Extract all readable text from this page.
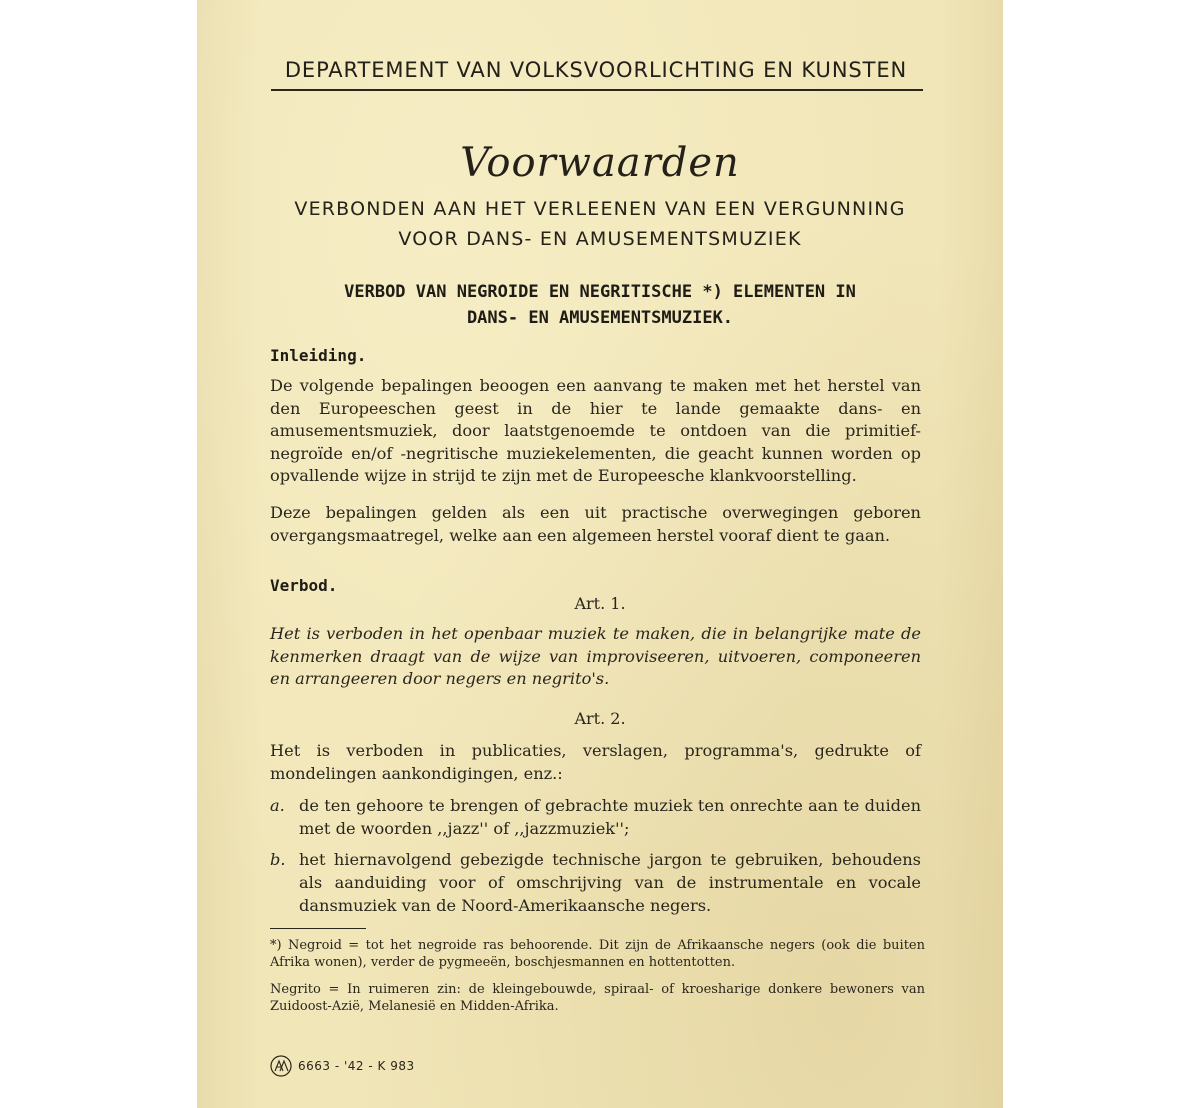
DEPARTEMENT VAN VOLKSVOORLICHTING EN KUNSTEN
Voorwaarden
VERBONDEN AAN HET VERLEENEN VAN EEN VERGUNNING
VOOR DANS- EN AMUSEMENTSMUZIEK
VERBOD VAN NEGROIDE EN NEGRITISCHE *) ELEMENTEN IN
DANS- EN AMUSEMENTSMUZIEK.
Inleiding.
De volgende bepalingen beoogen een aanvang te maken met het herstel van den Europeeschen geest in de hier te lande gemaakte dans- en amusementsmuziek, door laatstgenoemde te ontdoen van die primitief-negroïde en/of -negritische muziekelementen, die geacht kunnen worden op opvallende wijze in strijd te zijn met de Europeesche klankvoorstelling.
Deze bepalingen gelden als een uit practische overwegingen geboren overgangsmaatregel, welke aan een algemeen herstel vooraf dient te gaan.
Verbod.
Art. 1.
Het is verboden in het openbaar muziek te maken, die in belangrijke mate de kenmerken draagt van de wijze van improviseeren, uitvoeren, componeeren en arrangeeren door negers en negrito's.
Art. 2.
Het is verboden in publicaties, verslagen, programma's, gedrukte of mondelingen aankondigingen, enz.:
a. de ten gehoore te brengen of gebrachte muziek ten onrechte aan te duiden met de woorden ,,jazz'' of ,,jazzmuziek'';
b. het hiernavolgend gebezigde technische jargon te gebruiken, behoudens als aanduiding voor of omschrijving van de instrumentale en vocale dansmuziek van de Noord-Amerikaansche negers.
*) Negroid = tot het negroide ras behoorende. Dit zijn de Afrikaansche negers (ook die buiten Afrika wonen), verder de pygmeeën, boschjesmannen en hottentotten.
Negrito = In ruimeren zin: de kleingebouwde, spiraal- of kroesharige donkere bewoners van Zuidoost-Azië, Melanesië en Midden-Afrika.
6663 - '42 - K 983
